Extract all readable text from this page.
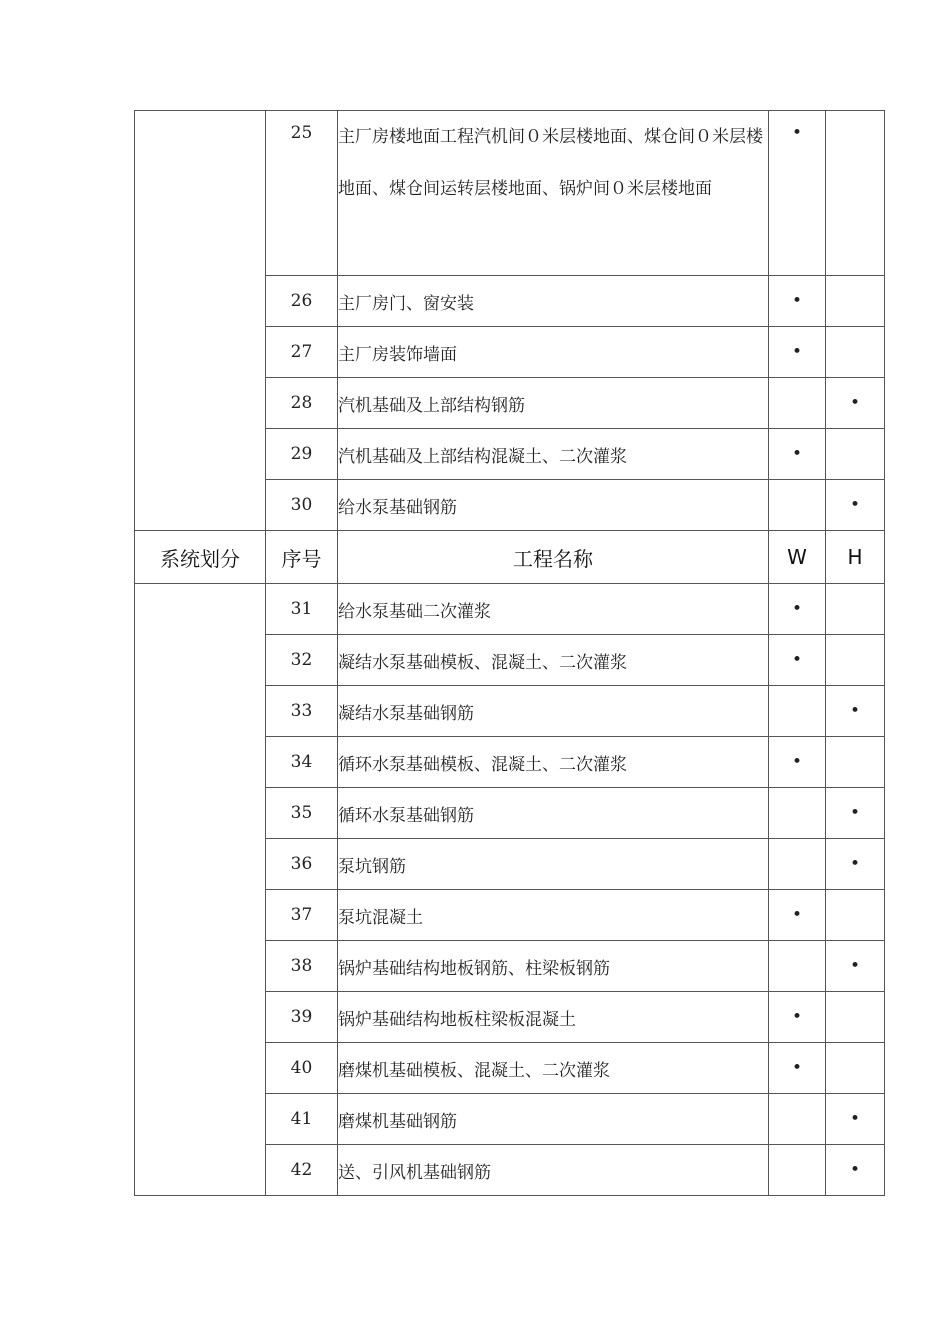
	25	主厂房楼地面工程汽机间０米层楼地面、煤仓间０米层楼地面、煤仓间运转层楼地面、锅炉间０米层楼地面	•	
	26	主厂房门、窗安装	•	
	27	主厂房装饰墙面	•	
	28	汽机基础及上部结构钢筋		•
	29	汽机基础及上部结构混凝土、二次灌浆	•	
	30	给水泵基础钢筋		•
系统划分	序号	工程名称	W	H
	31	给水泵基础二次灌浆	•	
	32	凝结水泵基础模板、混凝土、二次灌浆	•	
	33	凝结水泵基础钢筋		•
	34	循环水泵基础模板、混凝土、二次灌浆	•	
	35	循环水泵基础钢筋		•
	36	泵坑钢筋		•
	37	泵坑混凝土	•	
	38	锅炉基础结构地板钢筋、柱梁板钢筋		•
	39	锅炉基础结构地板柱梁板混凝土	•	
	40	磨煤机基础模板、混凝土、二次灌浆	•	
	41	磨煤机基础钢筋		•
	42	送、引风机基础钢筋		•
